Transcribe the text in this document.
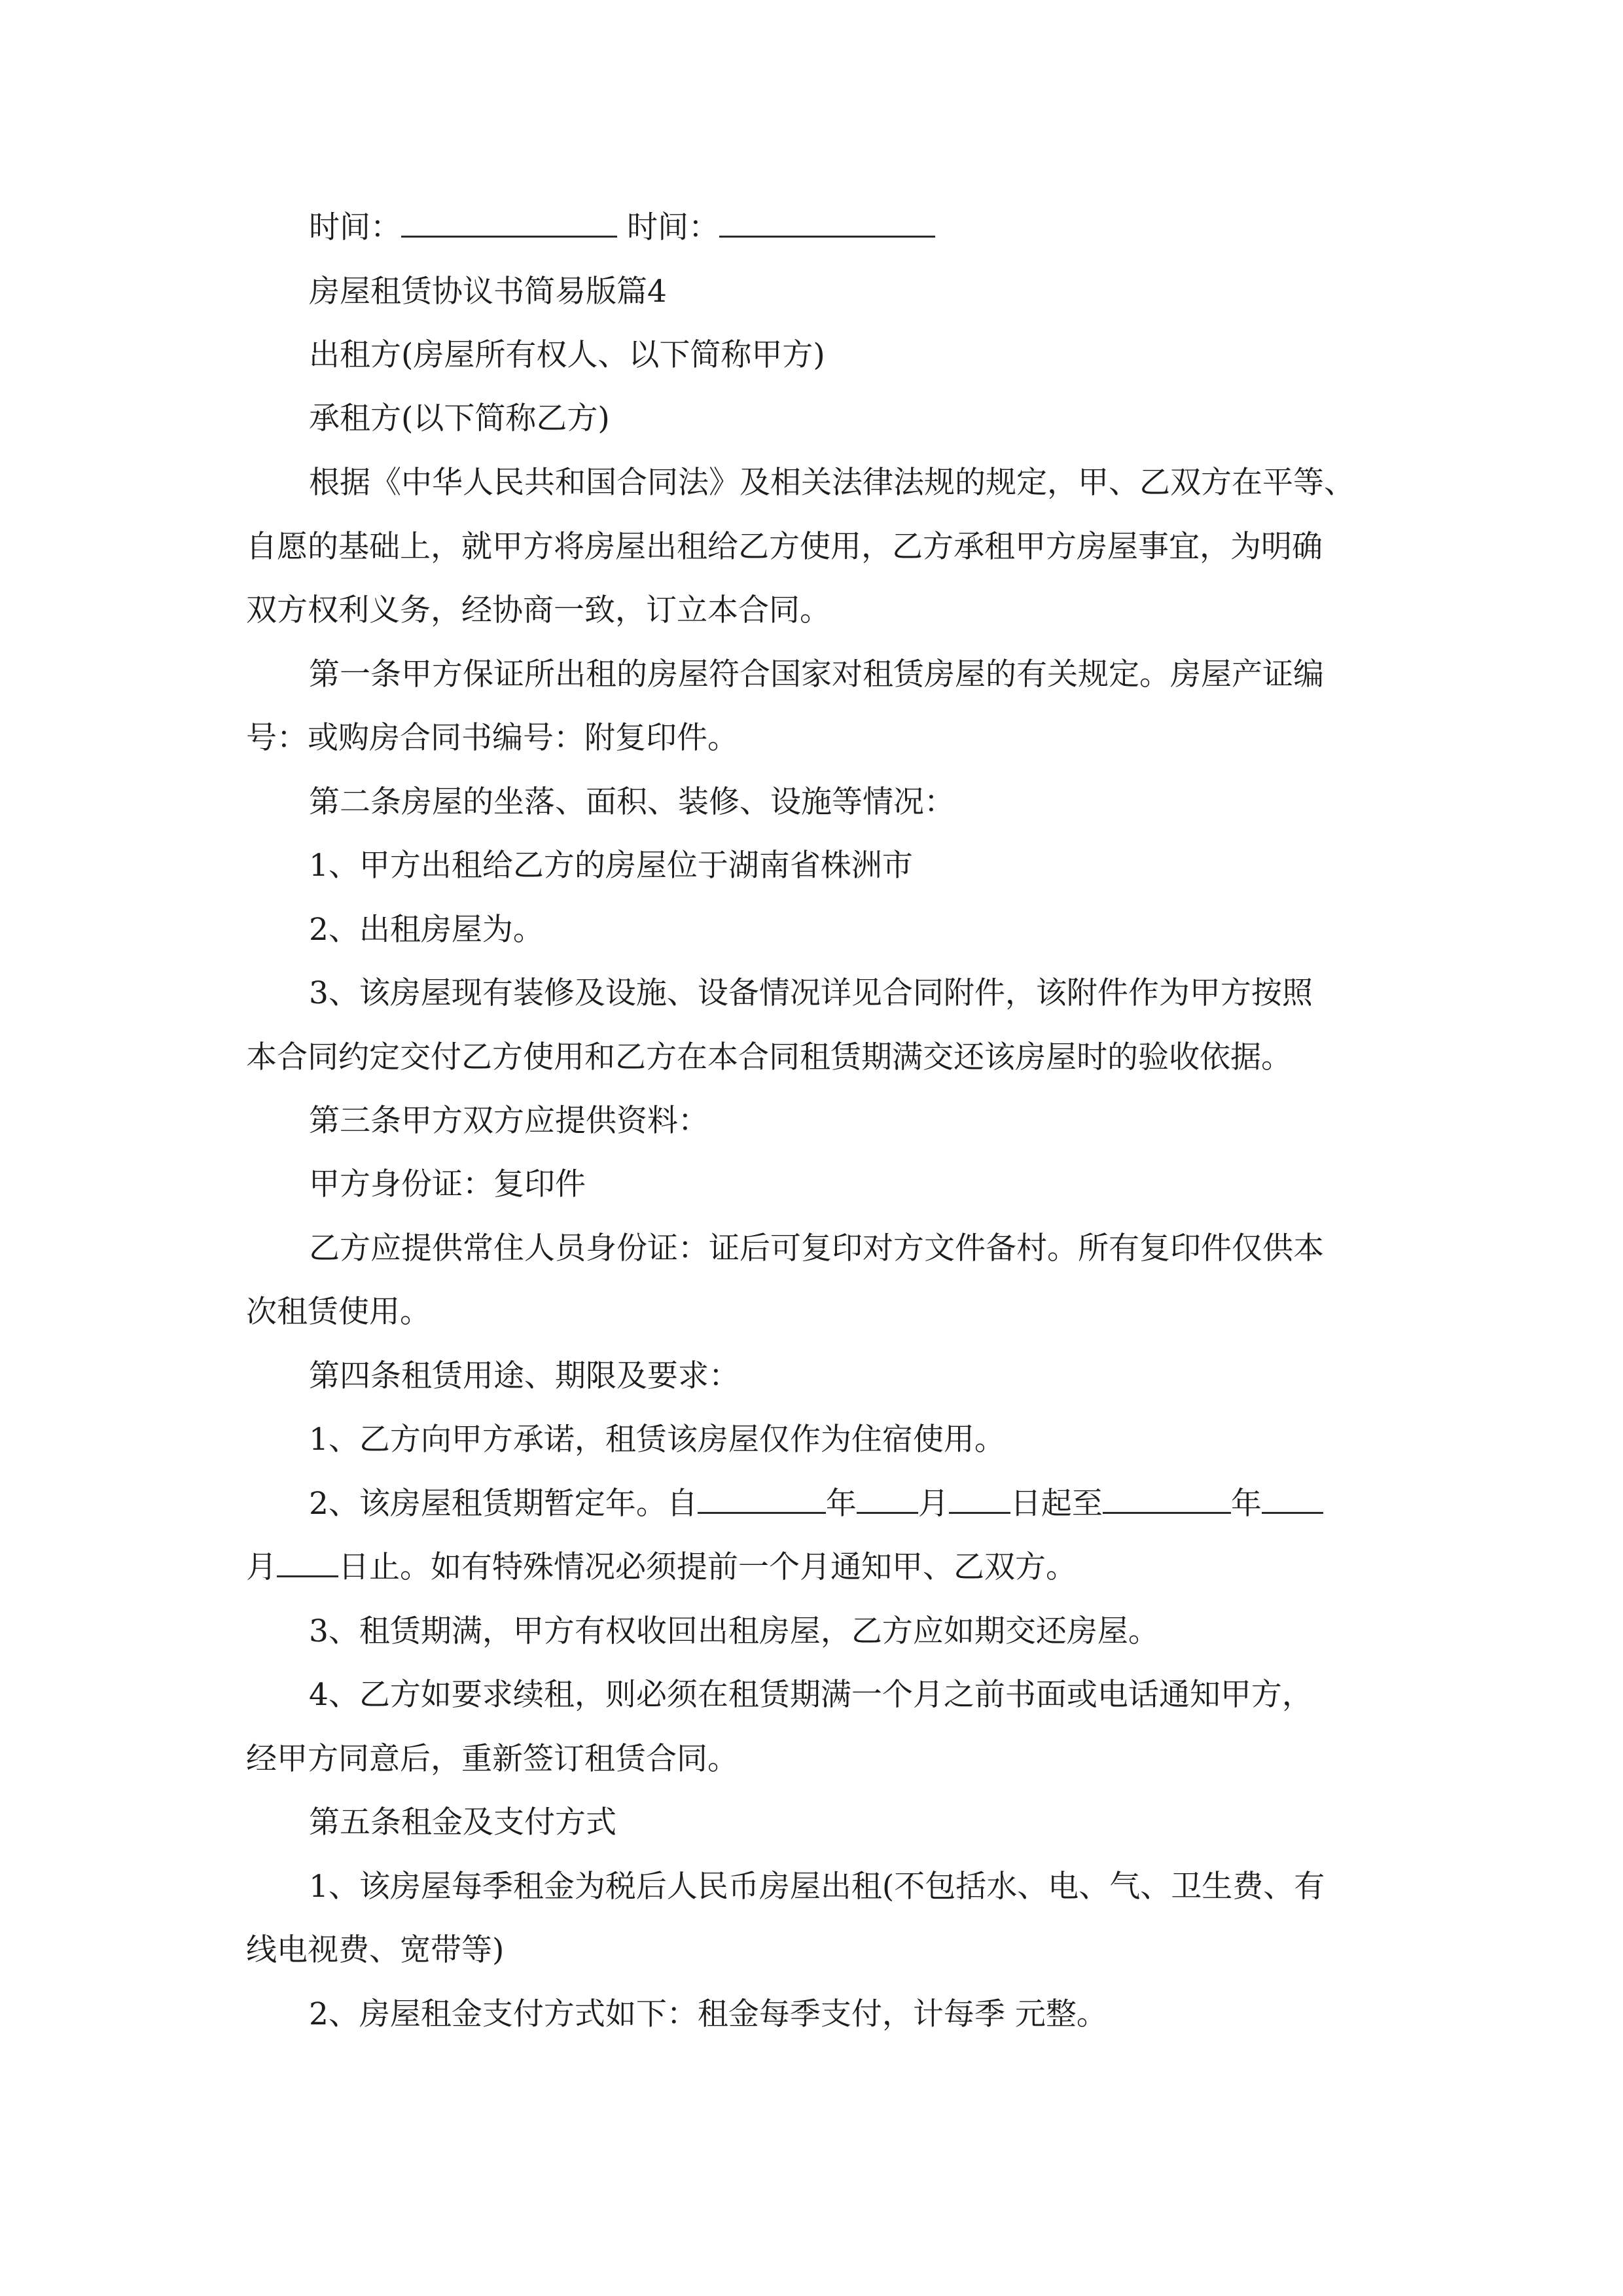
时间：	时间：
房屋租赁协议书简易版篇4
出租方(房屋所有权人、以下简称甲方)
承租方(以下简称乙方)
根据《中华人民共和国合同法》及相关法律法规的规定，甲、乙双方在平等、
自愿的基础上，就甲方将房屋出租给乙方使用，乙方承租甲方房屋事宜，为明确
双方权利义务，经协商一致，订立本合同。
第一条甲方保证所出租的房屋符合国家对租赁房屋的有关规定。房屋产证编
号：或购房合同书编号：附复印件。
第二条房屋的坐落、面积、装修、设施等情况：
1、甲方出租给乙方的房屋位于湖南省株洲市
2、出租房屋为。
3、该房屋现有装修及设施、设备情况详见合同附件，该附件作为甲方按照
本合同约定交付乙方使用和乙方在本合同租赁期满交还该房屋时的验收依据。
第三条甲方双方应提供资料：
甲方身份证：复印件
乙方应提供常住人员身份证：证后可复印对方文件备村。所有复印件仅供本
次租赁使用。
第四条租赁用途、期限及要求：
1、乙方向甲方承诺，租赁该房屋仅作为住宿使用。
2、该房屋租赁期暂定年。自	年 月 日起至	年
月 日止。如有特殊情况必须提前一个月通知甲、乙双方。
3、租赁期满，甲方有权收回出租房屋，乙方应如期交还房屋。
4、乙方如要求续租，则必须在租赁期满一个月之前书面或电话通知甲方，
经甲方同意后，重新签订租赁合同。
第五条租金及支付方式
1、该房屋每季租金为税后人民币房屋出租(不包括水、电、气、卫生费、有
线电视费、宽带等)
2、房屋租金支付方式如下：租金每季支付，计每季 元整。
